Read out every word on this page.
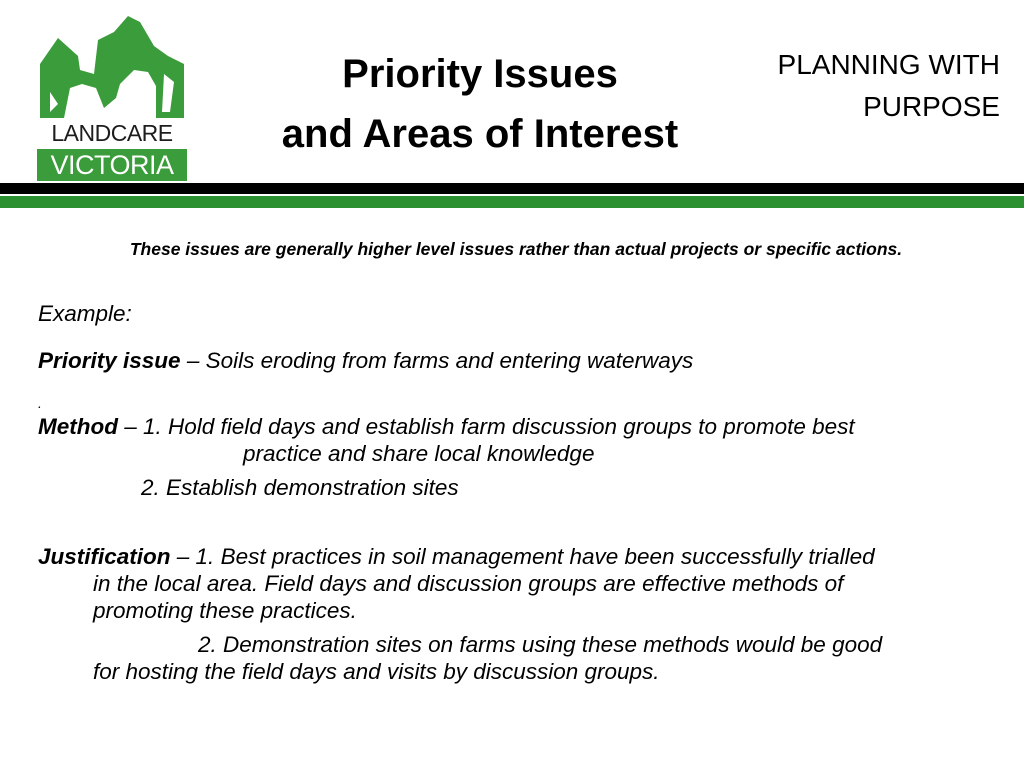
LANDCARE
VICTORIA
Priority Issues
and Areas of Interest
PLANNING WITH
PURPOSE
These issues are generally higher level issues rather than actual projects or specific actions.

Example:

Priority issue – Soils eroding from farms and entering waterways

.

Method – 1. Hold field days and establish farm discussion groups to promote best

practice and share local knowledge

2. Establish demonstration sites

Justification – 1. Best practices in soil management have been successfully trialled

in the local area. Field days and discussion groups are effective methods of

promoting these practices.

2. Demonstration sites on farms using these methods would be good

for hosting the field days and visits by discussion groups.
